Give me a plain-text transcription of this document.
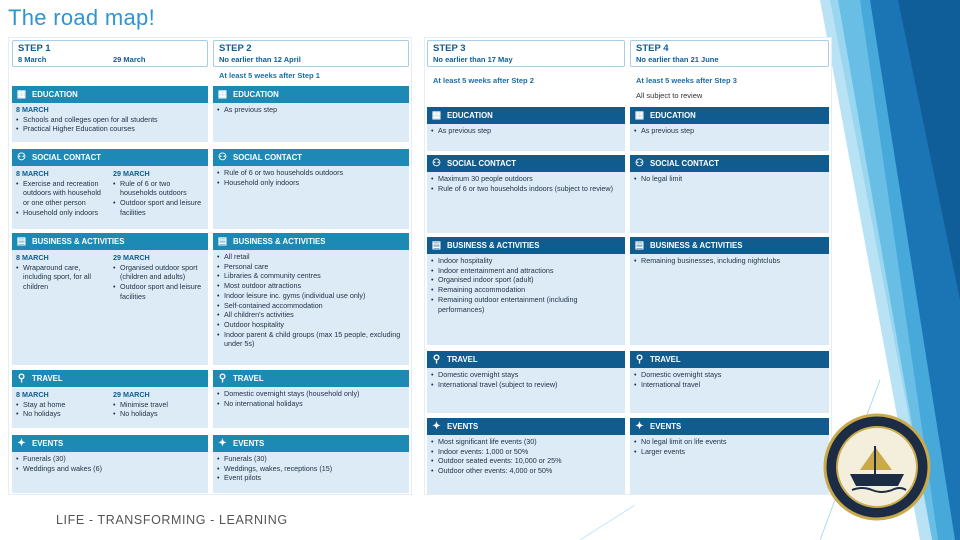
The road map!
STEP 1
8 March	29 March
▦ EDUCATION
8 MARCH
• Schools and colleges open for all students
• Practical Higher Education courses
⚇ SOCIAL CONTACT
8 MARCH
• Exercise and recreation outdoors with household or one other person
• Household only indoors
29 MARCH
• Rule of 6 or two households outdoors
• Outdoor sport and leisure facilities
▤ BUSINESS & ACTIVITIES
8 MARCH
• Wraparound care, including sport, for all children
29 MARCH
• Organised outdoor sport (children and adults)
• Outdoor sport and leisure facilities
⚲ TRAVEL
8 MARCH
• Stay at home
• No holidays
29 MARCH
• Minimise travel
• No holidays
✦ EVENTS
• Funerals (30)
• Weddings and wakes (6)
STEP 2
No earlier than 12 April
At least 5 weeks after Step 1
▦ EDUCATION
• As previous step
⚇ SOCIAL CONTACT
• Rule of 6 or two households outdoors
• Household only indoors
▤ BUSINESS & ACTIVITIES
• All retail
• Personal care
• Libraries & community centres
• Most outdoor attractions
• Indoor leisure inc. gyms (individual use only)
• Self-contained accommodation
• All children's activities
• Outdoor hospitality
• Indoor parent & child groups (max 15 people, excluding under 5s)
⚲ TRAVEL
• Domestic overnight stays (household only)
• No international holidays
✦ EVENTS
• Funerals (30)
• Weddings, wakes, receptions (15)
• Event pilots
STEP 3
No earlier than 17 May
At least 5 weeks after Step 2
▦ EDUCATION
• As previous step
⚇ SOCIAL CONTACT
• Maximum 30 people outdoors
• Rule of 6 or two households indoors (subject to review)
▤ BUSINESS & ACTIVITIES
• Indoor hospitality
• Indoor entertainment and attractions
• Organised indoor sport (adult)
• Remaining accommodation
• Remaining outdoor entertainment (including performances)
⚲ TRAVEL
• Domestic overnight stays
• International travel (subject to review)
✦ EVENTS
• Most significant life events (30)
• Indoor events: 1,000 or 50%
• Outdoor seated events: 10,000 or 25%
• Outdoor other events: 4,000 or 50%
STEP 4
No earlier than 21 June
At least 5 weeks after Step 3
All subject to review
▦ EDUCATION
• As previous step
⚇ SOCIAL CONTACT
• No legal limit
▤ BUSINESS & ACTIVITIES
• Remaining businesses, including nightclubs
⚲ TRAVEL
• Domestic overnight stays
• International travel
✦ EVENTS
• No legal limit on life events
• Larger events
LIFE - TRANSFORMING - LEARNING
